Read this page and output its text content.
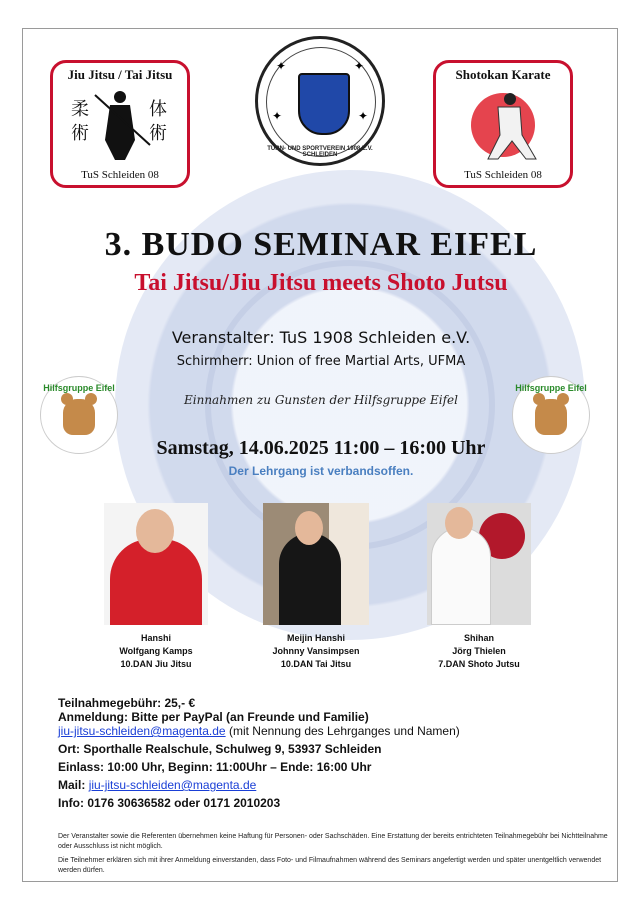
Jiu Jitsu / Tai Jitsu
柔
術
体
術
TuS Schleiden 08
✦	✦
✦	✦
TURN- UND SPORTVEREIN 1908 E.V. SCHLEIDEN
Shotokan Karate
TuS Schleiden 08
3. BUDO SEMINAR EIFEL
Tai Jitsu/Jiu Jitsu meets Shoto Jutsu
Veranstalter: TuS 1908 Schleiden e.V.
Schirmherr: Union of free Martial Arts, UFMA
Hilfsgruppe Eifel	Hilfsgruppe Eifel
Einnahmen zu Gunsten der Hilfsgruppe Eifel
Samstag, 14.06.2025 11:00 – 16:00 Uhr
Der Lehrgang ist verbandsoffen.
Hanshi
Wolfgang Kamps
10.DAN Jiu Jitsu
Meijin Hanshi
Johnny Vansimpsen
10.DAN Tai Jitsu
Shihan
Jörg Thielen
7.DAN Shoto Jutsu
Teilnahmegebühr: 25,- €
Anmeldung: Bitte per PayPal (an Freunde und Familie)
jiu-jitsu-schleiden@magenta.de (mit Nennung des Lehrganges und Namen)
Ort: Sporthalle Realschule, Schulweg 9, 53937 Schleiden
Einlass: 10:00 Uhr, Beginn: 11:00Uhr – Ende: 16:00 Uhr
Mail: jiu-jitsu-schleiden@magenta.de
Info: 0176 30636582 oder 0171 2010203
Der Veranstalter sowie die Referenten übernehmen keine Haftung für Personen- oder Sachschäden. Eine Erstattung der bereits entrichteten Teilnahmegebühr bei Nichtteilnahme oder Ausschluss ist nicht möglich.
Die Teilnehmer erklären sich mit ihrer Anmeldung einverstanden, dass Foto- und Filmaufnahmen während des Seminars angefertigt werden und später unentgeltlich verwendet werden dürfen.
